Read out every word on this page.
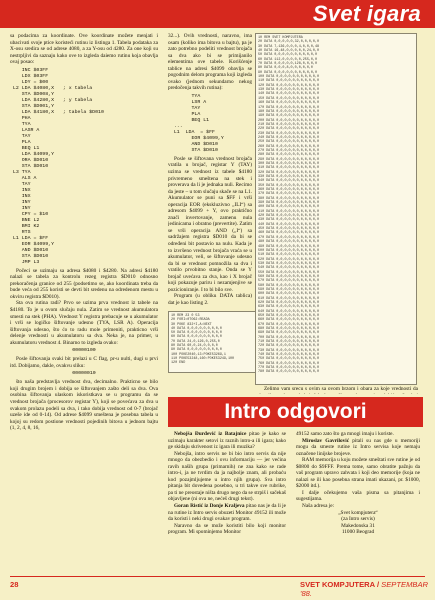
Svet igara

sa podacima za koordinate. Ove koordinate možete menjati i ubacivati svoje ptice koristeći rutinu iz listinga 1. Tabela podataka za X-osu sredira se od adrese 4080, a za Y-osu od 4280. Za one koji su nestrpljivi da saznaju kako ove to izgleda daiemo rutinu koja obavlja ovaj posao:

INC $03FF
LDX $03FF
LDY = $00
L2 LDA $4080,X   ; x tabela
STA $D008,Y
LDA $4280,X   ; y tabela
STA $D001,Y
LDA $4180,X   ; tabela $D010
PHA
TYA
LASR A
TAY
PLA
BEQ L1
LDA $4099,Y
ORA $D010
STA $D010
L3 TYA
ALS A
TAY
INX
INX
INY
INY
CPY = $10
BNE L2
BMI K2
RTS
L1 LDA = $FF
EOR $4099,Y
AND $D010
STA $D010
JMP L3

Počeci se uzimaju sa adresa $4080 i $4280. Na adresi $4180 nalazi se tabela za kontrolu rezeg registra $D010 odnosno prekoračenja granice od 255 (podsetimo se, ako koordinata treba da bude veća od 255 koristi se devti bit sredenu na odredenom mestu u okviru registra $D010).

Sta ova rutina radi? Prvo se uzima prva vrednost iz tabele na $4180. To je u ovom slučaju nula. Zatim se vrednost akumulatora smesti na stek (PHA). Vrednost Y registra prebacuje se u akumulator i vrši se logičko šiftovanje udesno (TYA, LSR A). Operacija šiftovanja udesno, što ćo to radu mole primeniti, prakticno vrši delenje vrednosti u akumulatoru sa dva. Neka je, na primer, u akumulatoru vrednost 4. Binarno to izgleda ovako:

00000100

Posle šiftovanja svaki bit prelazi u C flag, pr-u nulti, dugi u prvi itd. Dobijamo, dakle, ovakvu sliku:

00000010

što naša predstavlja vrednost dva, decimalno. Prakticno se bilo koji drugim brojem i dobija se šiftovanjem zašto deli sa dva. Ova osobina šiftovanja ulaskom iskoristkava se u programu da se vrednost brojača (procesorov registar Y), koji se povećava za dva u svakom prolazu podeli sa dva, i tako dobija vrednost od 0-7 (brojač uzeše ide od 0-14). Od adrese $4099 smeštena je posebna tabela u kojoj su redom postione vrednosti pojedinih bitova u jednom bajtu (1, 2, 4, 8, 16,

32...). Ovih vrednosti, naravno, ima osam (koliko ima bitova u bajtu), pa je zato potrebno podeliti vrednost brojača sa dva ako bi se primijanilo elementima ove tabele. Korišćenje tablice na adresi $4099 obavlja se pogodnim delom programa koji izgleda ovako (jednom sekundarno nekog predočenja takvih rutina):

TYA
LSR A
TAY
PLA
BEQ L1
...
L1  LDA  = $FF
EOR $4099,Y
AND $D010
STA $D010

Posle se šiftovana vrednost brojača vratila u brojač, registar Y (TAY) uzima se vrednost iz tabele $4180 privremeno smeštena na stek i proverava da li je jednaka nuli. Recimo da jeste – u tom slučaju skače se na L1. Akumulator se puni sa $FF i vrši operacija EOR (ekskluzivno „ILI“) sa adresom $4099 + Y, ovo praktično znači invertovanje, zamenu nula jedinicama i obratno (prevertite). Zatim se vrši operacija AND („I“) sa sadržajem registra $D010 da bi se određeni bit postavio na nulu. Kada je to izvršeno vrednost brojača vraća se u akumulator, veli, se šiftovanje udesno da bi se vrednost pomnožila sa dva i vratilo prvobitno stanje. Onda se Y brojač uvećava za dva, kao i X brojač koji pokazuje pariru i nezamjenjive se pozicioniranje. I to bi bilo sve.

Program (u obliku DATA tablica) dat je kao listing 2.

10 REM 23 0 53
20 FORI=0TO62:READA
30 POKE 832+I,A:NEXT
40 DATA 0,0,0,0,0,0,0,0,0
50 DATA 0,0,0,0,0,0,0,0,0
60 DATA 0,0,0,0,0,0,0,0,0
70 DATA 24,0,126,0,255,0
80 DATA 60,0,24,0,0,0,0
90 DATA 0,0,0,0,0,0,0,0,0
100 POKE2040,13:POKE53269,1
110 POKE53248,160:POKE53249,100
120 END
10 REM SVET KOMPJUTERA
20 DATA 0,0,0,0,0,32,0,0,0,0,0
30 DATA 7,136,0,0,0,4,0,0,0,48
40 DATA 16,48,0,0,0,0,0,24,0,0
50 DATA 0,0,0,0,0,0,0,0,0,0,0
60 DATA 112,0,0,0,0,0,255,0,0
70 DATA 0,0,0,0,0,128,0,0,0,0
80 DATA 0,0,0,8,0,0,0,0,0,0
90 DATA 0,0,0,0,0,0,0,0,0,0,0
100 DATA 0,0,0,0,0,0,0,0,0,0,0
110 DATA 0,0,0,0,0,0,0,0,0,0,0
120 DATA 0,0,0,0,0,0,0,0,0,0,0
130 DATA 0,0,0,0,0,0,0,0,0,0,0
140 DATA 0,0,0,0,0,0,0,0,0,0,0
150 DATA 0,0,0,0,0,0,0,0,0,0,0
160 DATA 0,0,0,0,0,0,0,0,0,0,0
170 DATA 0,0,0,0,0,0,0,0,0,0,0
180 DATA 0,0,0,0,0,0,0,0,0,0,0
190 DATA 0,0,0,0,0,0,0,0,0,0,0
200 DATA 0,0,0,0,0,0,0,0,0,0,0
210 DATA 0,0,0,0,0,0,0,0,0,0,0
220 DATA 0,0,0,0,0,0,0,0,0,0,0
230 DATA 0,0,0,0,0,0,0,0,0,0,0
240 DATA 0,0,0,0,0,0,0,0,0,0,0
250 DATA 0,0,0,0,0,0,0,0,0,0,0
260 DATA 0,0,0,0,0,0,0,0,0,0,0
270 DATA 0,0,0,0,0,0,0,0,0,0,0
280 DATA 0,0,0,0,0,0,0,0,0,0,0
290 DATA 0,0,0,0,0,0,0,0,0,0,0
300 DATA 0,0,0,0,0,0,0,0,0,0,0
310 DATA 0,0,0,0,0,0,0,0,0,0,0
320 DATA 0,0,0,0,0,0,0,0,0,0,0
330 DATA 0,0,0,0,0,0,0,0,0,0,0
340 DATA 0,0,0,0,0,0,0,0,0,0,0
350 DATA 0,0,0,0,0,0,0,0,0,0,0
360 DATA 0,0,0,0,0,0,0,0,0,0,0
370 DATA 0,0,0,0,0,0,0,0,0,0,0
380 DATA 0,0,0,0,0,0,0,0,0,0,0
390 DATA 0,0,0,0,0,0,0,0,0,0,0
400 DATA 0,0,0,0,0,0,0,0,0,0,0
410 DATA 0,0,0,0,0,0,0,0,0,0,0
420 DATA 0,0,0,0,0,0,0,0,0,0,0
430 DATA 0,0,0,0,0,0,0,0,0,0,0
440 DATA 0,0,0,0,0,0,0,0,0,0,0
450 DATA 0,0,0,0,0,0,0,0,0,0,0
460 DATA 0,0,0,0,0,0,0,0,0,0,0
470 DATA 0,0,0,0,0,0,0,0,0,0,0
480 DATA 0,0,0,0,0,0,0,0,0,0,0
490 DATA 0,0,0,0,0,0,0,0,0,0,0
500 DATA 0,0,0,0,0,0,0,0,0,0,0
510 DATA 0,0,0,0,0,0,0,0,0,0,0
520 DATA 0,0,0,0,0,0,0,0,0,0,0
530 DATA 0,0,0,0,0,0,0,0,0,0,0
540 DATA 0,0,0,0,0,0,0,0,0,0,0
550 DATA 0,0,0,0,0,0,0,0,0,0,0
560 DATA 0,0,0,0,0,0,0,0,0,0,0
570 DATA 0,0,0,0,0,0,0,0,0,0,0
580 DATA 0,0,0,0,0,0,0,0,0,0,0
590 DATA 0,0,0,0,0,0,0,0,0,0,0
600 DATA 0,0,0,0,0,0,0,0,0,0,0
610 DATA 0,0,0,0,0,0,0,0,0,0,0
620 DATA 0,0,0,0,0,0,0,0,0,0,0
630 DATA 0,0,0,0,0,0,0,0,0,0,0
640 DATA 0,0,0,0,0,0,0,0,0,0,0
650 DATA 0,0,0,0,0,0,0,0,0,0,0
660 DATA 0,0,0,0,0,0,0,0,0,0,0
670 DATA 0,0,0,0,0,0,0,0,0,0,0
680 DATA 0,0,0,0,0,0,0,0,0,0,0
690 DATA 0,0,0,0,0,0,0,0,0,0,0
700 DATA 0,0,0,0,0,0,0,0,0,0,0
710 DATA 0,0,0,0,0,0,0,0,0,0,0
720 DATA 0,0,0,0,0,0,0,0,0,0,0
730 DATA 0,0,0,0,0,0,0,0,0,0,0
740 DATA 0,0,0,0,0,0,0,0,0,0,0
750 DATA 0,0,0,0,0,0,0,0,0,0,0
760 DATA 0,0,0,0,0,0,0,0,0,0,0
770 DATA 0,0,0,0,0,0,0,0,0,0,0
780 DATA 0,0,0,0,0,0,0,0,0,0,0

Zelimo vam srecu s ovim sa ovom brzom i obara za koje vrednosti da

Intro odgovori

Nebojša Đurđević iz Batajnice pitao je kako se uzimaju karakter setovi iz raznih intro-a ili igara; kako ge skidaju skrivenost iz igara ili muzika?

Nebojša, intro servis ne bi bio intro servis da nije mnogo da obezbedio i ovu informaciju — jer većina ravih naših grupa (primarnih) ne zna kako se rade intro-i, ja ne tvrdim da ja najbolje znam, ali probaću kod pozajmljujeme u intro njih grupa). Sva intro pitanja bit dovedena posebno, u tri takve sve rubrike, pa ti ne preostaje ništa drugo nego da se strpiš i sačekaš objavljene (ni ova ne, nećeš drugi tekst).

Goran Ristić iz Donje Kraljeva pitao nas je da li je na rutine iz Intro servis obuzeti Monitor 49152 ili može da koristi i neki drugi ovakav program.

Naravno da se može koristiti bilo koji monitor program. Mi spominjemo Monitor

49152 samo zato što ga mnogi imaju i koriste.

Miroslav Gavrilović pitali su nas gde u memoriji mogu da smeste rutine iz Intro servisa koje nemaju označene linijske brojeve.

RAM memorija u koju možete smeštati sve rutine je od $0800 do $9FFF. Prema tome, samo obratite pažnju da vaš program upravo zahvata i koji deo memorije (koja ne nalazi se ili kao posebna strana imati ukazani, pr. $1000, $2000 itd.).

I dalje očekujemo vaša pisma sa pitanjima i sugestijama.

Naša adresa je:

„Svet kompjutera“

(za Intro servis)

Makedonska 31

11000 Beograd

28	SVET KOMPJUTERA / SEPTEMBAR '88.
